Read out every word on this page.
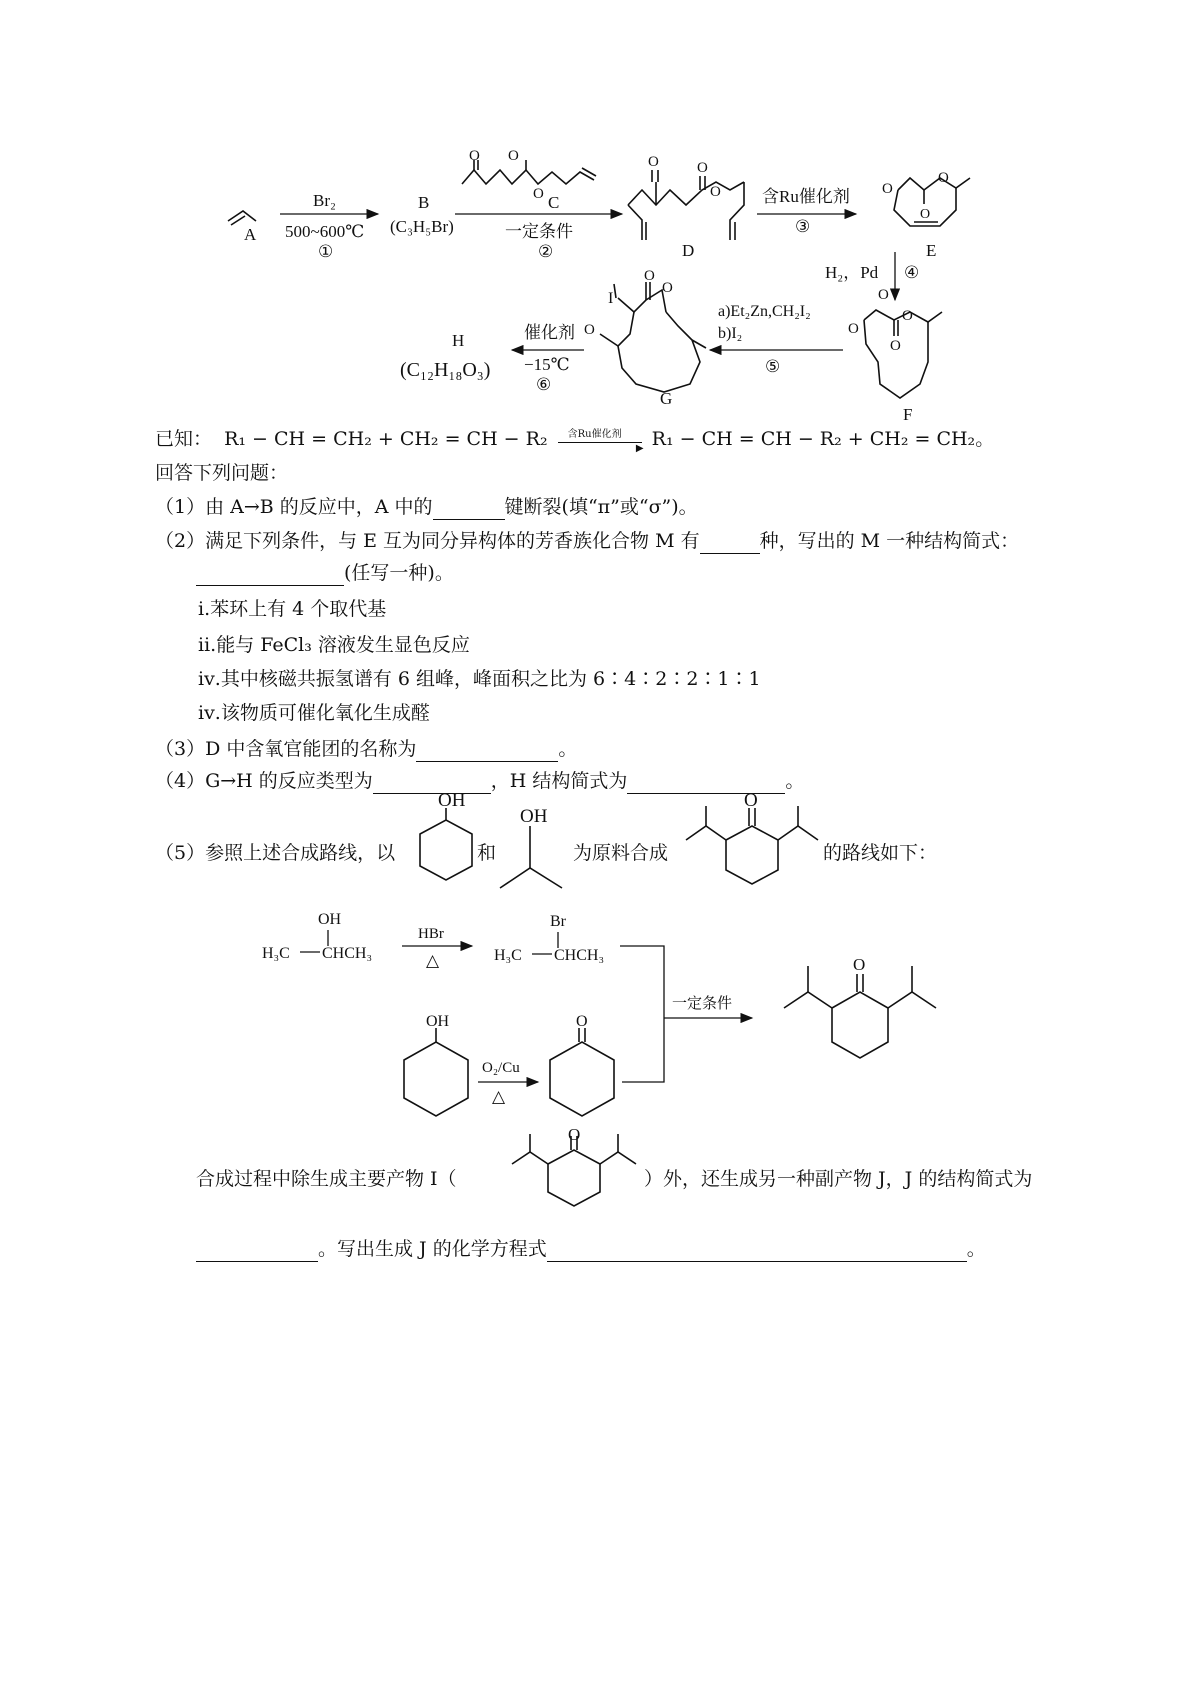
A
Br₂
500~600℃
①
B
(C₃H₅Br)
O O
O C
一定条件
②
O	O
O
D
含Ru催化剂
③
O
O
O
E
H₂，Pd ④
O
O
O
O
F
a)Et₂Zn,CH₂I₂
b)I₂
⑤
O
O
O
I
G
催化剂
−15℃
⑥
H
(C₁₂H₁₈O₃)
已知： R₁ − CH = CH₂ + CH₂ = CH − R₂ 含Ru催化剂
▶ R₁ − CH = CH − R₂ + CH₂ = CH₂。
回答下列问题：
（1）由 A→B 的反应中，A 中的	键断裂(填“π”或“σ”)。
（2）满足下列条件，与 E 互为同分异构体的芳香族化合物 M 有	种，写出的 M 一种结构简式：
(任写一种)。
ⅰ.苯环上有 4 个取代基
ⅱ.能与 FeCl₃ 溶液发生显色反应
ⅳ.其中核磁共振氢谱有 6 组峰，峰面积之比为 6∶4∶2∶2∶1∶1
ⅳ.该物质可催化氧化生成醛
（3）D 中含氧官能团的名称为	。
（4）G→H 的反应类型为	，H 结构简式为	。
（5）参照上述合成路线，以	和	为原料合成	的路线如下：
OH
OH
O
OH
H₃C CHCH₃
HBr
△
Br
H₃C CHCH₃
OH
O₂/Cu
△
O
一定条件
O
合成过程中除生成主要产物 I（	）外，还生成另一种副产物 J，J 的结构简式为
O
。写出生成 J 的化学方程式	。
